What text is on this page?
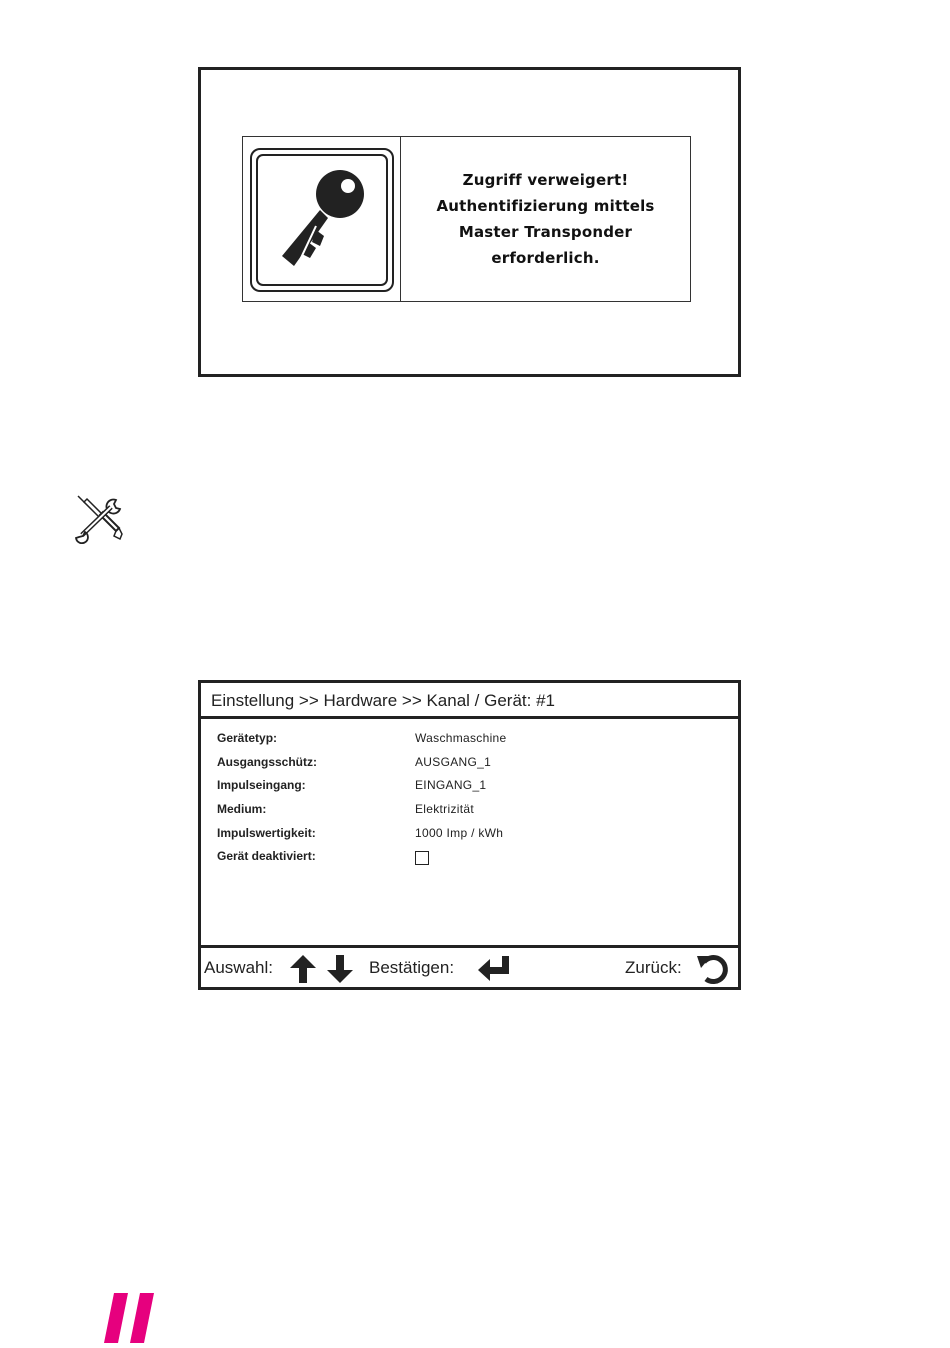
Zugriff verweigert!
Authentifizierung mittels
Master Transponder
erforderlich.
Einstellung >> Hardware >> Kanal / Gerät: #1
Gerätetyp:	Waschmaschine
Ausgangsschütz:	AUSGANG_1
Impulseingang:	EINGANG_1
Medium:	Elektrizität
Impulswertigkeit:	1000 Imp / kWh
Gerät deaktiviert:
Auswahl:	Bestätigen:	Zurück:
